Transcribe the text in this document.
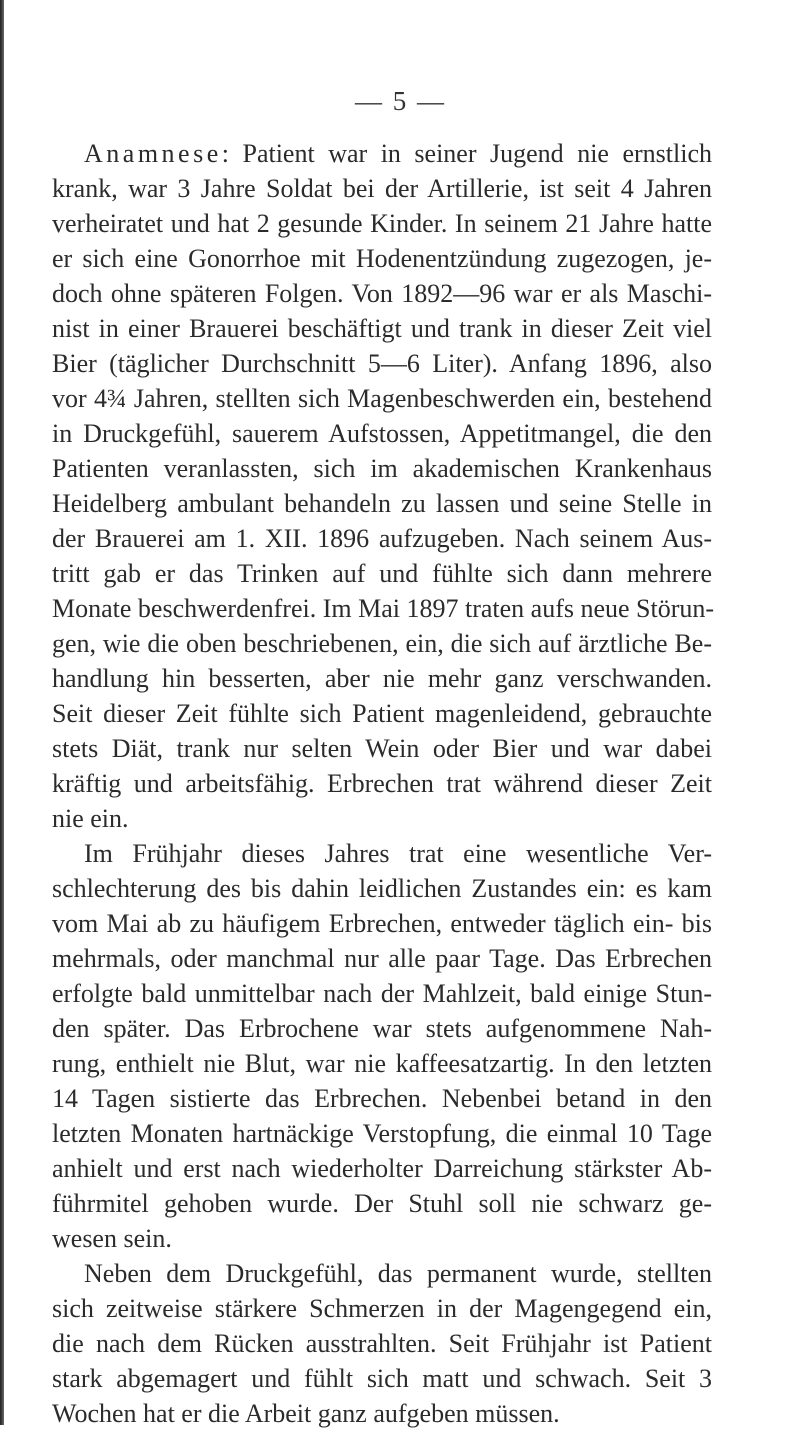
— 5 —
Anamnese: Patient war in seiner Jugend nie ernstlich
krank, war 3 Jahre Soldat bei der Artillerie, ist seit 4 Jahren
verheiratet und hat 2 gesunde Kinder. In seinem 21 Jahre hatte
er sich eine Gonorrhoe mit Hodenentzündung zugezogen, je-
doch ohne späteren Folgen. Von 1892—96 war er als Maschi-
nist in einer Brauerei beschäftigt und trank in dieser Zeit viel
Bier (täglicher Durchschnitt 5—6 Liter). Anfang 1896, also
vor 4¾ Jahren, stellten sich Magenbeschwerden ein, bestehend
in Druckgefühl, sauerem Aufstossen, Appetitmangel, die den
Patienten veranlassten, sich im akademischen Krankenhaus
Heidelberg ambulant behandeln zu lassen und seine Stelle in
der Brauerei am 1. XII. 1896 aufzugeben. Nach seinem Aus-
tritt gab er das Trinken auf und fühlte sich dann mehrere
Monate beschwerdenfrei. Im Mai 1897 traten aufs neue Störun-
gen, wie die oben beschriebenen, ein, die sich auf ärztliche Be-
handlung hin besserten, aber nie mehr ganz verschwanden.
Seit dieser Zeit fühlte sich Patient magenleidend, gebrauchte
stets Diät, trank nur selten Wein oder Bier und war dabei
kräftig und arbeitsfähig. Erbrechen trat während dieser Zeit
nie ein.
Im Frühjahr dieses Jahres trat eine wesentliche Ver-
schlechterung des bis dahin leidlichen Zustandes ein: es kam
vom Mai ab zu häufigem Erbrechen, entweder täglich ein- bis
mehrmals, oder manchmal nur alle paar Tage. Das Erbrechen
erfolgte bald unmittelbar nach der Mahlzeit, bald einige Stun-
den später. Das Erbrochene war stets aufgenommene Nah-
rung, enthielt nie Blut, war nie kaffeesatzartig. In den letzten
14 Tagen sistierte das Erbrechen. Nebenbei betand in den
letzten Monaten hartnäckige Verstopfung, die einmal 10 Tage
anhielt und erst nach wiederholter Darreichung stärkster Ab-
führmitel gehoben wurde. Der Stuhl soll nie schwarz ge-
wesen sein.
Neben dem Druckgefühl, das permanent wurde, stellten
sich zeitweise stärkere Schmerzen in der Magengegend ein,
die nach dem Rücken ausstrahlten. Seit Frühjahr ist Patient
stark abgemagert und fühlt sich matt und schwach. Seit 3
Wochen hat er die Arbeit ganz aufgeben müssen.
